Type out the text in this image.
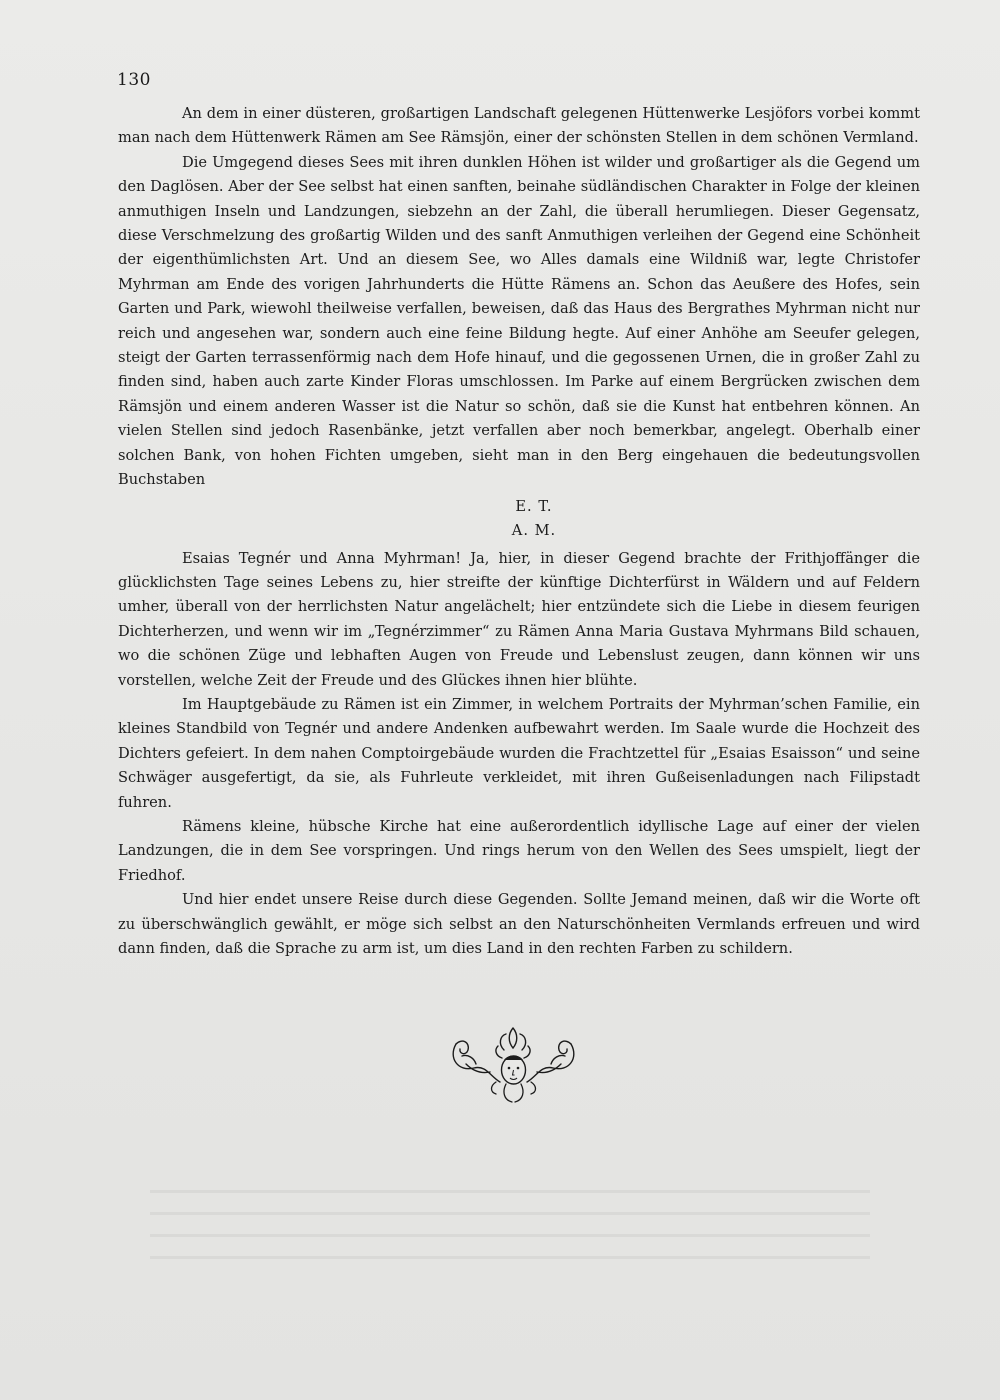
130

An dem in einer düsteren, großartigen Landschaft gelegenen Hüttenwerke Lesjöfors vorbei kommt man nach dem Hüttenwerk Rämen am See Rämsjön, einer der schönsten Stellen in dem schönen Vermland.

Die Umgegend dieses Sees mit ihren dunklen Höhen ist wilder und großartiger als die Gegend um den Daglösen. Aber der See selbst hat einen sanften, beinahe südländischen Charakter in Folge der kleinen anmuthigen Inseln und Landzungen, siebzehn an der Zahl, die überall herumliegen. Dieser Gegensatz, diese Verschmelzung des großartig Wilden und des sanft Anmuthigen verleihen der Gegend eine Schönheit der eigenthümlichsten Art. Und an diesem See, wo Alles damals eine Wildniß war, legte Christofer Myhrman am Ende des vorigen Jahrhunderts die Hütte Rämens an. Schon das Aeußere des Hofes, sein Garten und Park, wiewohl theilweise verfallen, beweisen, daß das Haus des Bergrathes Myhrman nicht nur reich und angesehen war, sondern auch eine feine Bildung hegte. Auf einer Anhöhe am Seeufer gelegen, steigt der Garten terrassenförmig nach dem Hofe hinauf, und die gegossenen Urnen, die in großer Zahl zu finden sind, haben auch zarte Kinder Floras umschlossen. Im Parke auf einem Bergrücken zwischen dem Rämsjön und einem anderen Wasser ist die Natur so schön, daß sie die Kunst hat entbehren können. An vielen Stellen sind jedoch Rasenbänke, jetzt verfallen aber noch bemerkbar, angelegt. Oberhalb einer solchen Bank, von hohen Fichten umgeben, sieht man in den Berg eingehauen die bedeutungsvollen Buchstaben

E. T.
A. M.

Esaias Tegnér und Anna Myhrman! Ja, hier, in dieser Gegend brachte der Frithjoffänger die glücklichsten Tage seines Lebens zu, hier streifte der künftige Dichterfürst in Wäldern und auf Feldern umher, überall von der herrlichsten Natur angelächelt; hier entzündete sich die Liebe in diesem feurigen Dichterherzen, und wenn wir im „Tegnérzimmer“ zu Rämen Anna Maria Gustava Myhrmans Bild schauen, wo die schönen Züge und lebhaften Augen von Freude und Lebenslust zeugen, dann können wir uns vorstellen, welche Zeit der Freude und des Glückes ihnen hier blühte.

Im Hauptgebäude zu Rämen ist ein Zimmer, in welchem Portraits der Myhrman’schen Familie, ein kleines Standbild von Tegnér und andere Andenken aufbewahrt werden. Im Saale wurde die Hochzeit des Dichters gefeiert. In dem nahen Comptoirgebäude wurden die Frachtzettel für „Esaias Esaisson“ und seine Schwäger ausgefertigt, da sie, als Fuhrleute verkleidet, mit ihren Gußeisenladungen nach Filipstadt fuhren.

Rämens kleine, hübsche Kirche hat eine außerordentlich idyllische Lage auf einer der vielen Landzungen, die in dem See vorspringen. Und rings herum von den Wellen des Sees umspielt, liegt der Friedhof.

Und hier endet unsere Reise durch diese Gegenden. Sollte Jemand meinen, daß wir die Worte oft zu überschwänglich gewählt, er möge sich selbst an den Naturschönheiten Vermlands erfreuen und wird dann finden, daß die Sprache zu arm ist, um dies Land in den rechten Farben zu schildern.
